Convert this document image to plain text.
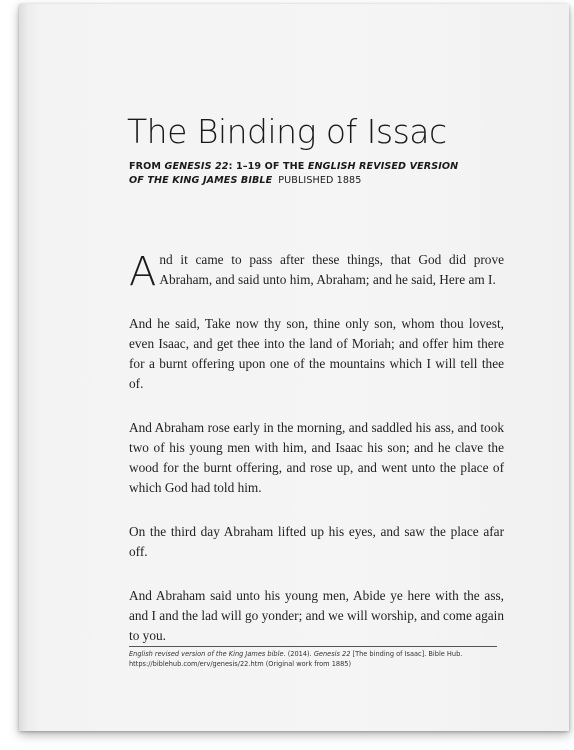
The Binding of Issac
FROM GENESIS 22: 1–19 OF THE ENGLISH REVISED VERSION
OF THE KING JAMES BIBLE PUBLISHED 1885

And it came to pass after these things, that God did prove Abraham, and said unto him, Abraham; and he said, Here am I.

And he said, Take now thy son, thine only son, whom thou lovest, even Isaac, and get thee into the land of Moriah; and offer him there for a burnt offering upon one of the mountains which I will tell thee of.

And Abraham rose early in the morning, and saddled his ass, and took two of his young men with him, and Isaac his son; and he clave the wood for the burnt offering, and rose up, and went unto the place of which God had told him.

On the third day Abraham lifted up his eyes, and saw the place afar off.

And Abraham said unto his young men, Abide ye here with the ass, and I and the lad will go yonder; and we will worship, and come again to you.

English revised version of the King James bible. (2014). Genesis 22 [The binding of Isaac]. Bible Hub. https://biblehub.com/erv/genesis/22.htm (Original work from 1885)
